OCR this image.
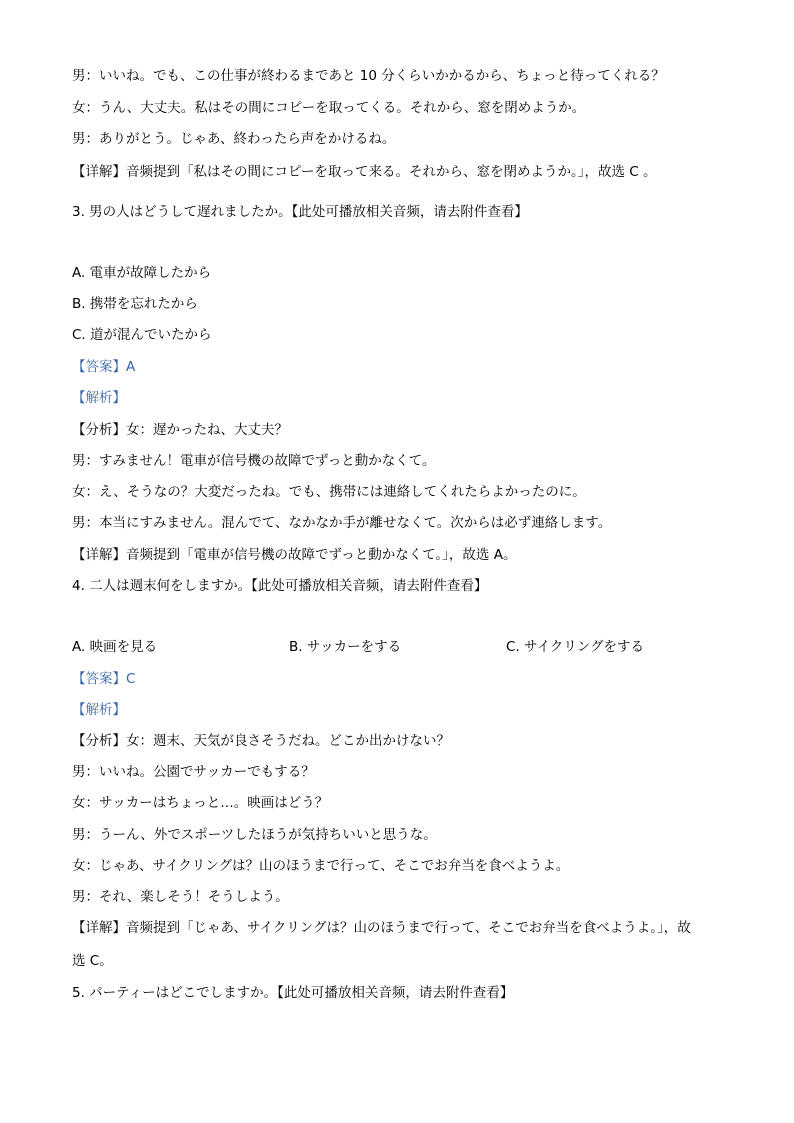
男：いいね。でも、この仕事が終わるまであと 10 分くらいかかるから、ちょっと待ってくれる？
女：うん、大丈夫。私はその間にコピーを取ってくる。それから、窓を閉めようか。
男：ありがとう。じゃあ、終わったら声をかけるね。
【详解】音频提到「私はその間にコピーを取って来る。それから、窓を閉めようか。」，故选 C 。
3. 男の人はどうして遅れましたか。【此处可播放相关音频，请去附件查看】
A. 電車が故障したから
B. 携帯を忘れたから
C. 道が混んでいたから
【答案】A
【解析】
【分析】女：遅かったね、大丈夫？
男：すみません！電車が信号機の故障でずっと動かなくて。
女：え、そうなの？大変だったね。でも、携帯には連絡してくれたらよかったのに。
男：本当にすみません。混んでて、なかなか手が離せなくて。次からは必ず連絡します。
【详解】音频提到「電車が信号機の故障でずっと動かなくて。」，故选 A。
4. 二人は週末何をしますか。【此处可播放相关音频，请去附件查看】
A. 映画を見る	B. サッカーをする	C. サイクリングをする
【答案】C
【解析】
【分析】女：週末、天気が良さそうだね。どこか出かけない？
男：いいね。公園でサッカーでもする？
女：サッカーはちょっと…。映画はどう？
男：うーん、外でスポーツしたほうが気持ちいいと思うな。
女：じゃあ、サイクリングは？山のほうまで行って、そこでお弁当を食べようよ。
男：それ、楽しそう！そうしよう。
【详解】音频提到「じゃあ、サイクリングは？山のほうまで行って、そこでお弁当を食べようよ。」，故
选 C。
5. パーティーはどこでしますか。【此处可播放相关音频，请去附件查看】
